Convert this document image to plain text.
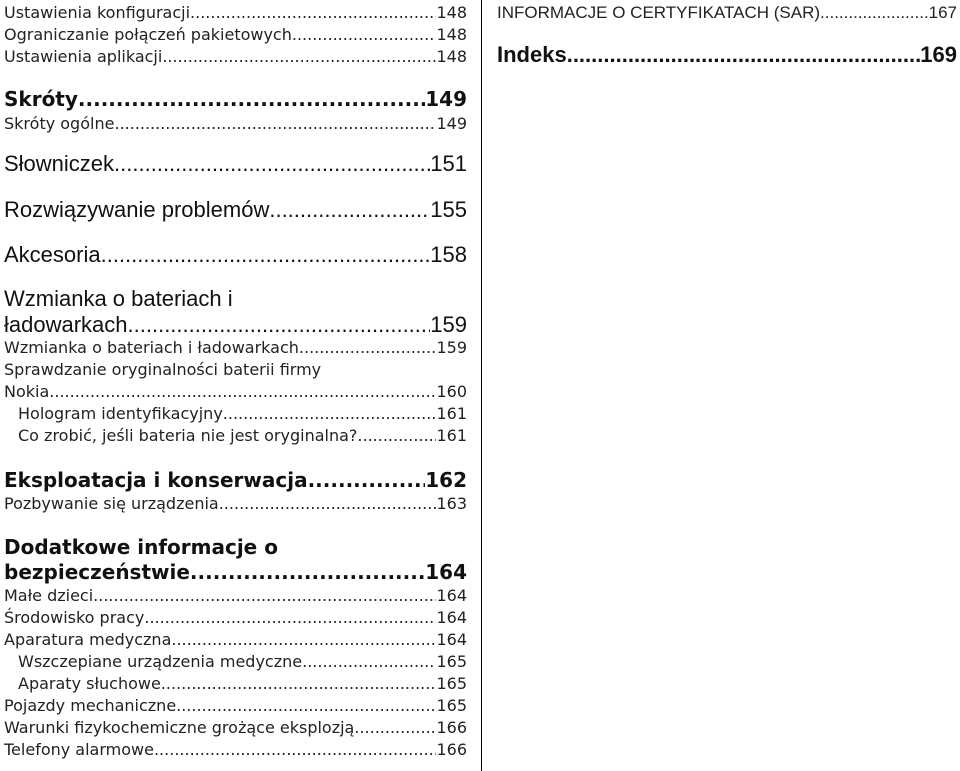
Ustawienia konfiguracji .....	148
Ograniczanie połączeń pakietowych .....	148
Ustawienia aplikacji .....	148
Skróty .....	149
Skróty ogólne .....	149
Słowniczek .....	151
Rozwiązywanie problemów .....	155
Akcesoria .....	158
Wzmianka o bateriach i
ładowarkach .....	159
Wzmianka o bateriach i ładowarkach .....	159
Sprawdzanie oryginalności baterii firmy
Nokia .....	160
Hologram identyfikacyjny .....	161
Co zrobić, jeśli bateria nie jest oryginalna? .....	161
Eksploatacja i konserwacja .....	162
Pozbywanie się urządzenia .....	163
Dodatkowe informacje o
bezpieczeństwie .....	164
Małe dzieci .....	164
Środowisko pracy .....	164
Aparatura medyczna .....	164
Wszczepiane urządzenia medyczne .....	165
Aparaty słuchowe .....	165
Pojazdy mechaniczne .....	165
Warunki fizykochemiczne grożące eksplozją .....	166
Telefony alarmowe .....	166
INFORMACJE O CERTYFIKATACH (SAR) .....	167
Indeks .....	169
